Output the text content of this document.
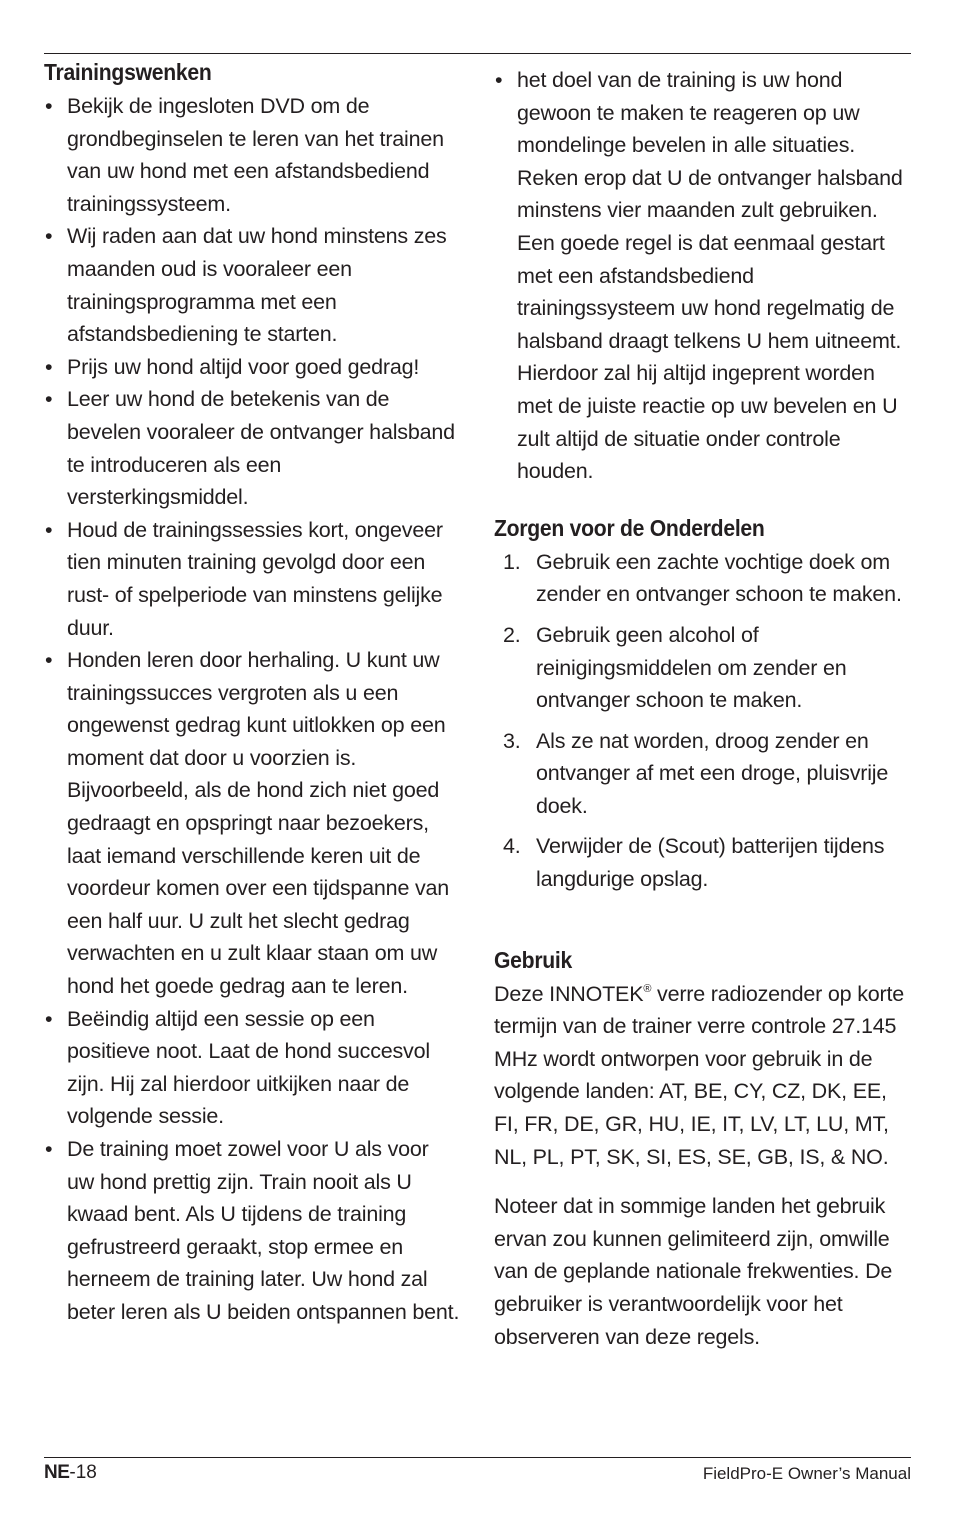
Trainingswenken
• Bekijk de ingesloten DVD om de grondbeginselen te leren van het trainen van uw hond met een afstandsbediend trainingssysteem.
• Wij raden aan dat uw hond minstens zes maanden oud is vooraleer een trainingsprogramma met een afstandsbediening te starten.
• Prijs uw hond altijd voor goed gedrag!
• Leer uw hond de betekenis van de bevelen vooraleer de ontvanger halsband te introduceren als een versterkingsmiddel.
• Houd de trainingssessies kort, ongeveer tien minuten training gevolgd door een rust- of spelperiode van minstens gelijke duur.
• Honden leren door herhaling. U kunt uw trainingssucces vergroten als u een ongewenst gedrag kunt uitlokken op een moment dat door u voorzien is. Bijvoorbeeld, als de hond zich niet goed gedraagt en opspringt naar bezoekers, laat iemand verschillende keren uit de voordeur komen over een tijdspanne van een half uur. U zult het slecht gedrag verwachten en u zult klaar staan om uw hond het goede gedrag aan te leren.
• Beëindig altijd een sessie op een positieve noot. Laat de hond succesvol zijn. Hij zal hierdoor uitkijken naar de volgende sessie.
• De training moet zowel voor U als voor uw hond prettig zijn. Train nooit als U kwaad bent. Als U tijdens de training gefrustreerd geraakt, stop ermee en herneem de training later. Uw hond zal beter leren als U beiden ontspannen bent.
• het doel van de training is uw hond gewoon te maken te reageren op uw mondelinge bevelen in alle situaties. Reken erop dat U de ontvanger halsband minstens vier maanden zult gebruiken. Een goede regel is dat eenmaal gestart met een afstandsbediend trainingssysteem uw hond regelmatig de halsband draagt telkens U hem uitneemt. Hierdoor zal hij altijd ingeprent worden met de juiste reactie op uw bevelen en U zult altijd de situatie onder controle houden.
Zorgen voor de Onderdelen
1. Gebruik een zachte vochtige doek om zender en ontvanger schoon te maken.
2. Gebruik geen alcohol of reinigingsmiddelen om zender en ontvanger schoon te maken.
3. Als ze nat worden, droog zender en ontvanger af met een droge, pluisvrije doek.
4. Verwijder de (Scout) batterijen tijdens langdurige opslag.
Gebruik

Deze INNOTEK® verre radiozender op korte termijn van de trainer verre controle 27.145 MHz wordt ontworpen voor gebruik in de volgende landen: AT, BE, CY, CZ, DK, EE, FI, FR, DE, GR, HU, IE, IT, LV, LT, LU, MT, NL, PL, PT, SK, SI, ES, SE, GB, IS, & NO.

Noteer dat in sommige landen het gebruik ervan zou kunnen gelimiteerd zijn, omwille van de geplande nationale frekwenties. De gebruiker is verantwoordelijk voor het observeren van deze regels.

NE-18	FieldPro-E Owner’s Manual
